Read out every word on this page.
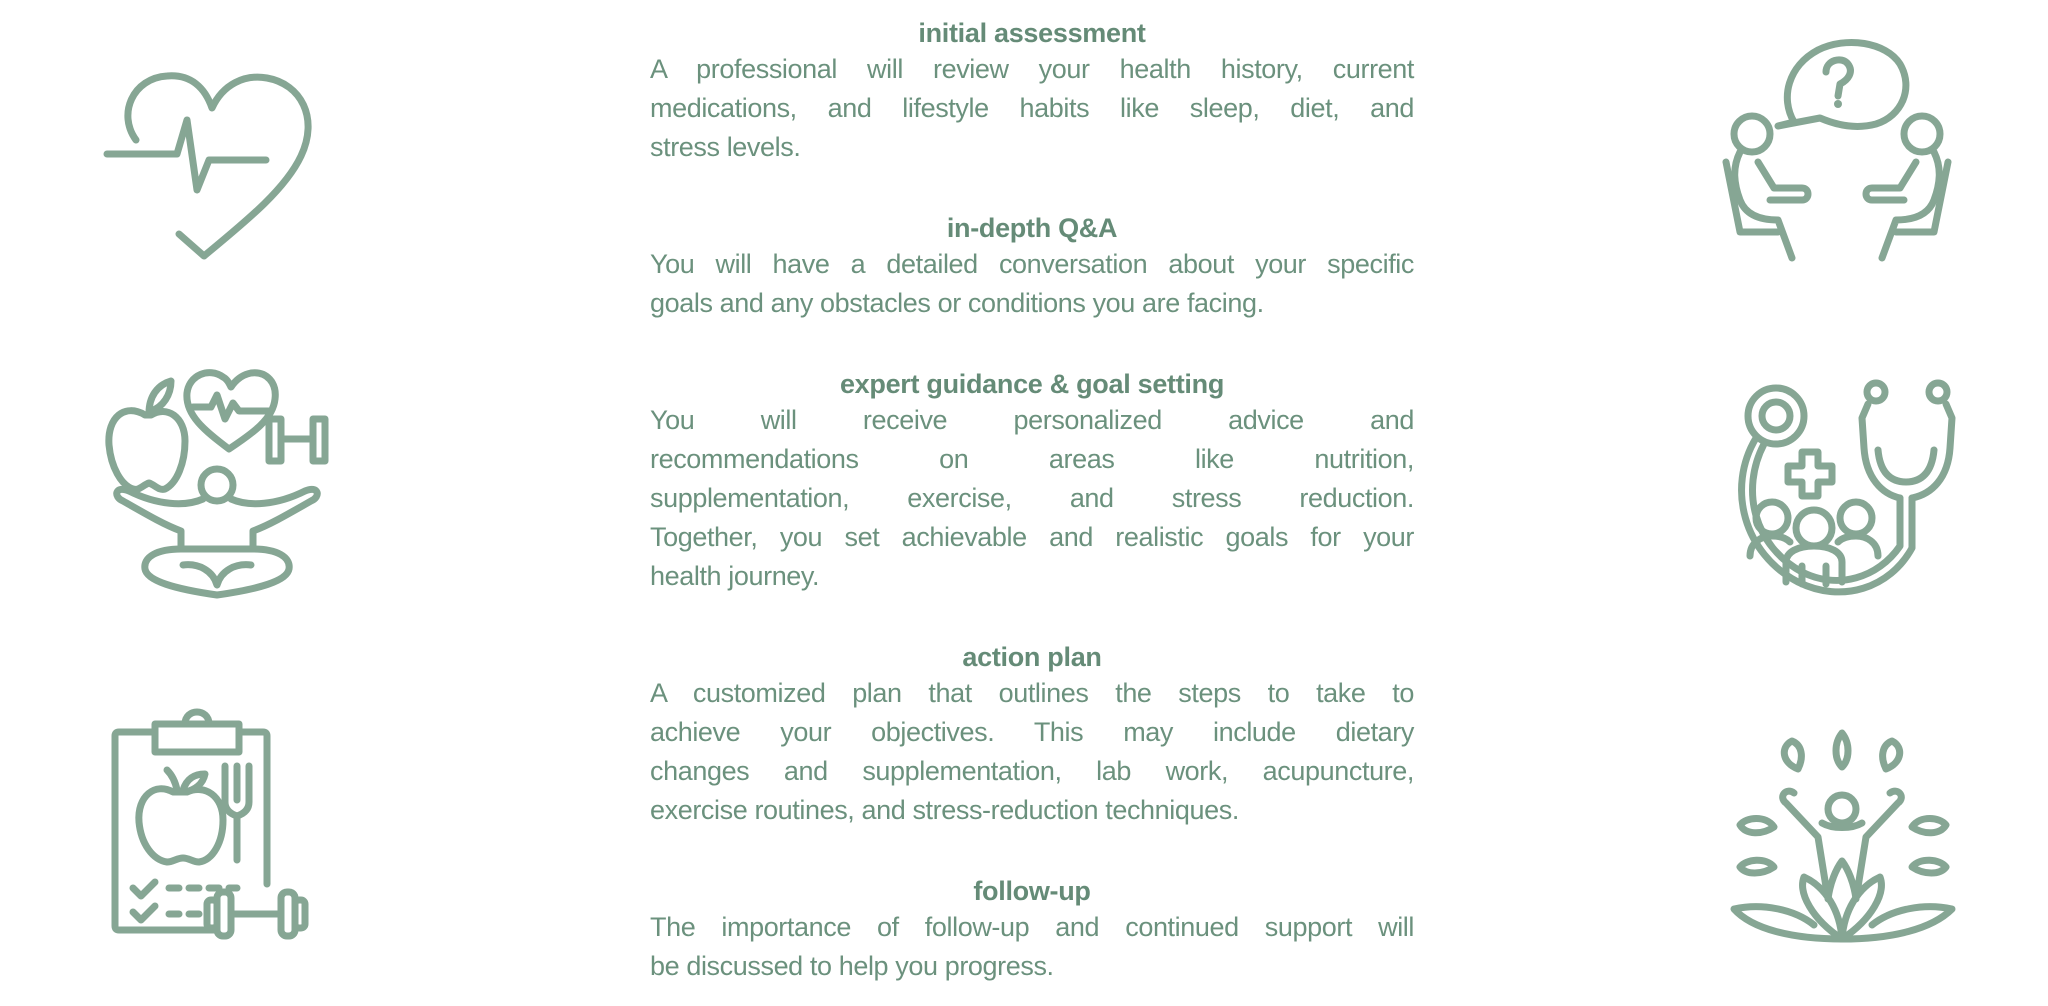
initial assessment
A professional will review your health history, current
medications, and lifestyle habits like sleep, diet, and
stress levels.
in-depth Q&A
You will have a detailed conversation about your specific
goals and any obstacles or conditions you are facing.
expert guidance & goal setting
You will receive personalized advice and
recommendations on areas like nutrition,
supplementation, exercise, and stress reduction.
Together, you set achievable and realistic goals for your
health journey.
action plan
A customized plan that outlines the steps to take to
achieve your objectives. This may include dietary
changes and supplementation, lab work, acupuncture,
exercise routines, and stress-reduction techniques.
follow-up
The importance of follow-up and continued support will
be discussed to help you progress.
